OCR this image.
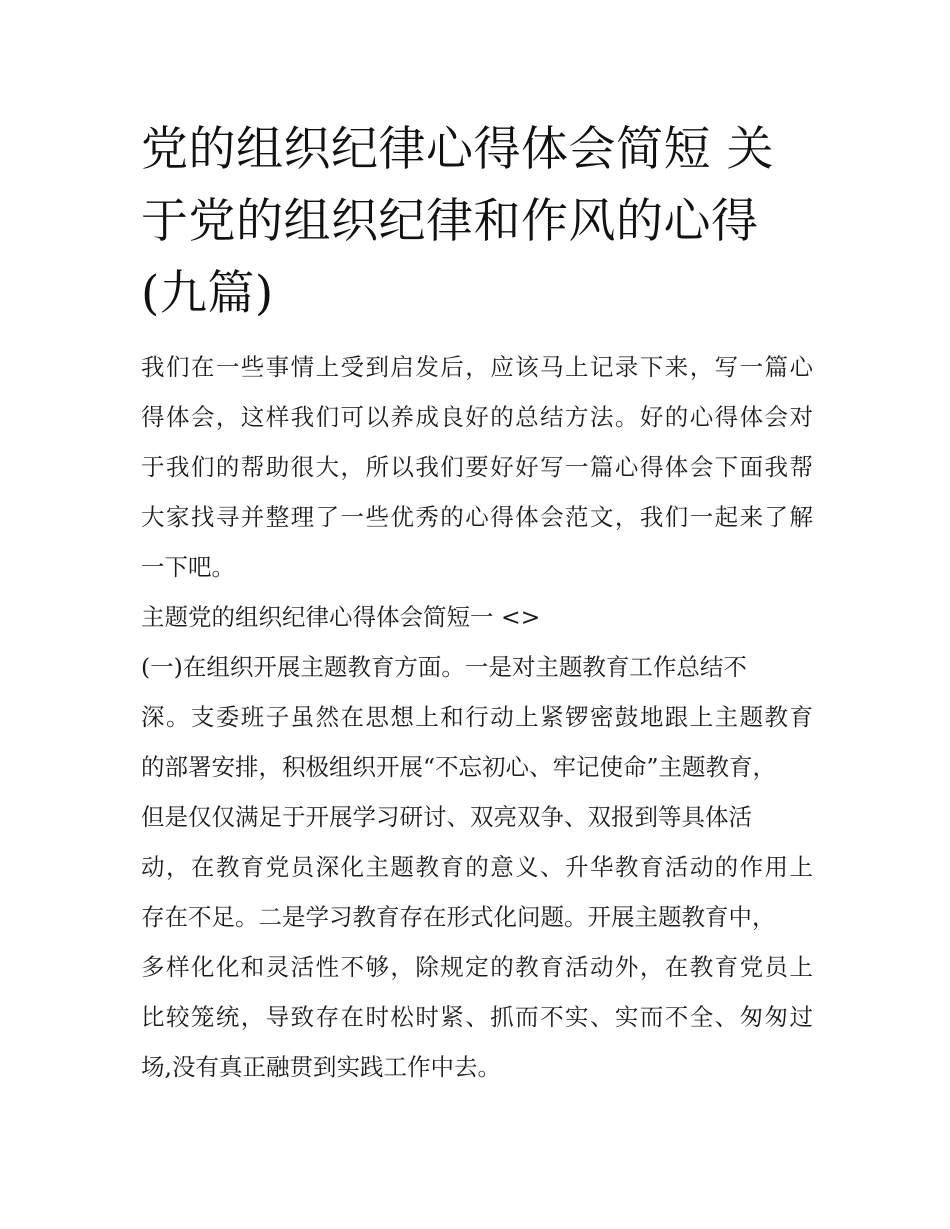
党的组织纪律心得体会简短 关
于党的组织纪律和作风的心得
(九篇)
我们在一些事情上受到启发后，应该马上记录下来，写一篇心
得体会，这样我们可以养成良好的总结方法。好的心得体会对
于我们的帮助很大，所以我们要好好写一篇心得体会下面我帮
大家找寻并整理了一些优秀的心得体会范文，我们一起来了解
一下吧。
主题党的组织纪律心得体会简短一 <>
(一)在组织开展主题教育方面。一是对主题教育工作总结不
深。支委班子虽然在思想上和行动上紧锣密鼓地跟上主题教育
的部署安排，积极组织开展“不忘初心、牢记使命”主题教育，
但是仅仅满足于开展学习研讨、双亮双争、双报到等具体活
动，在教育党员深化主题教育的意义、升华教育活动的作用上
存在不足。二是学习教育存在形式化问题。开展主题教育中，
多样化化和灵活性不够，除规定的教育活动外，在教育党员上
比较笼统，导致存在时松时紧、抓而不实、实而不全、匆匆过
场,没有真正融贯到实践工作中去。
